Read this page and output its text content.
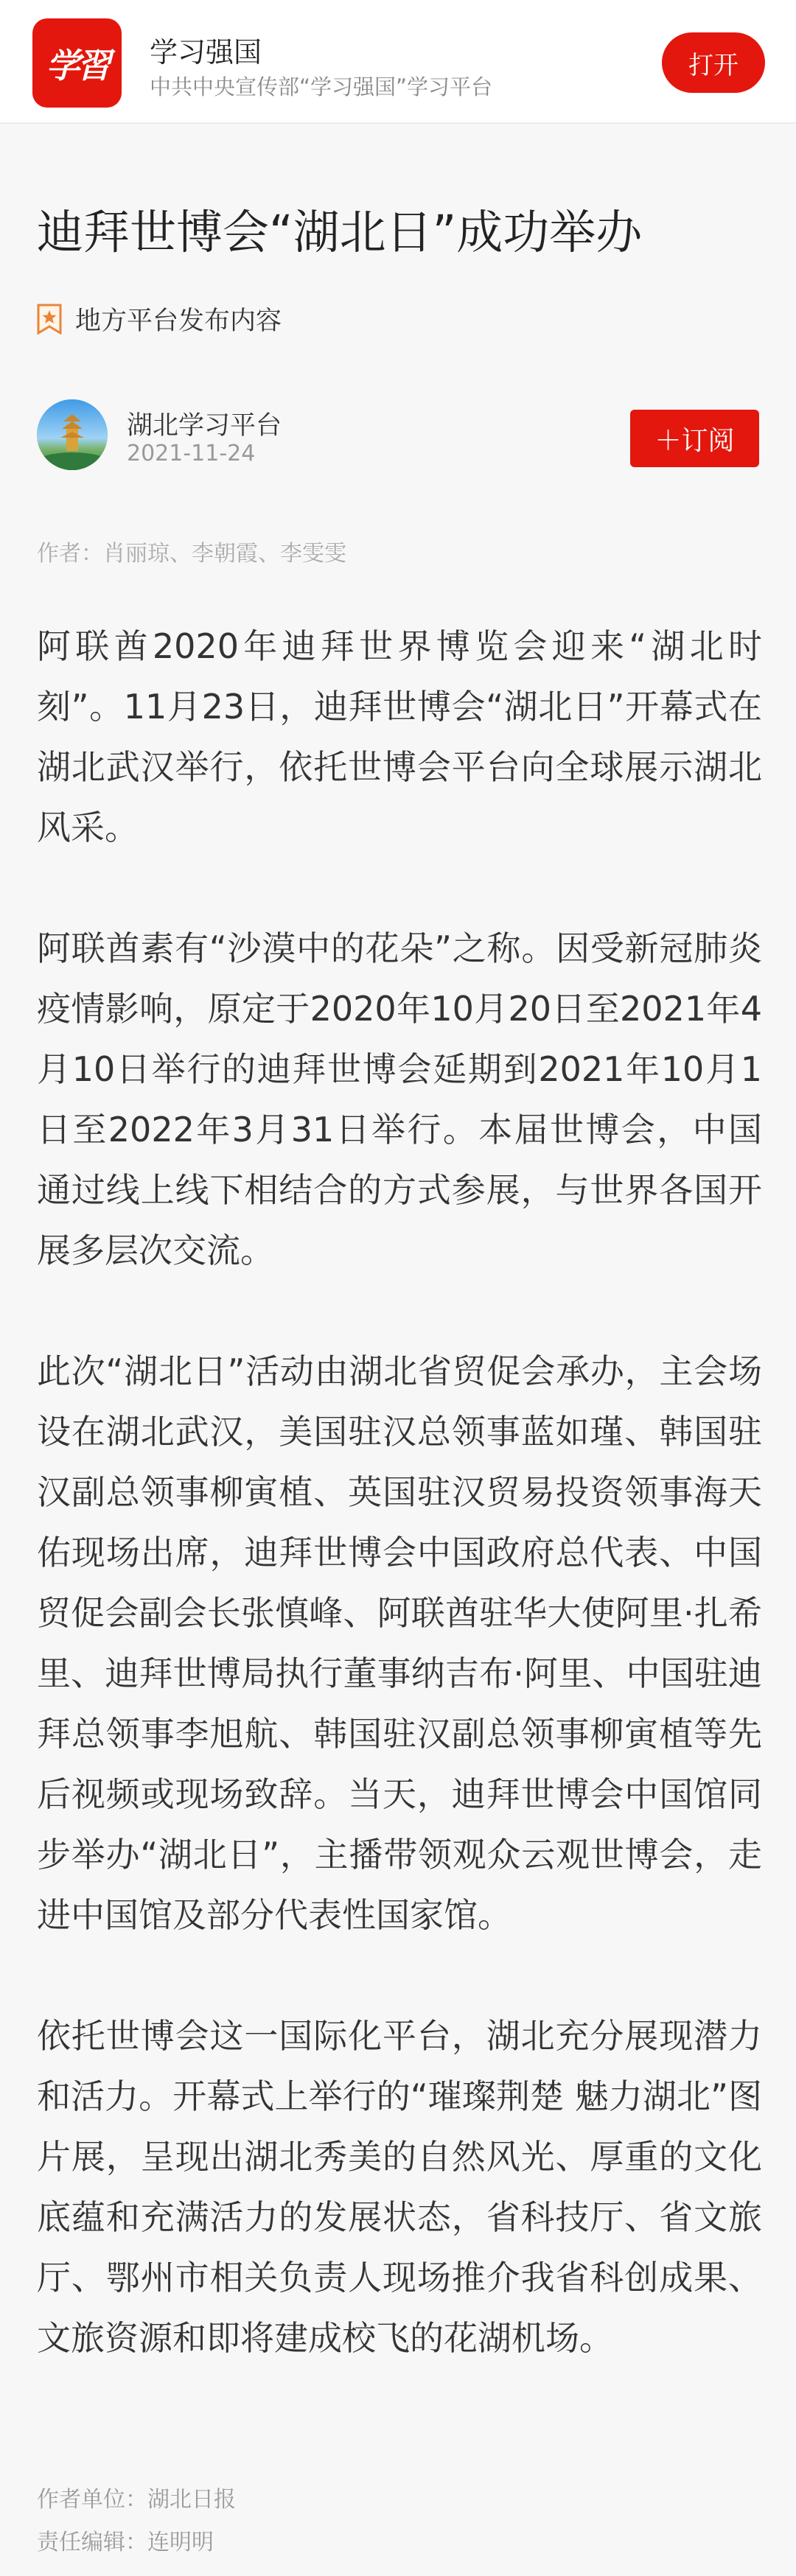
学習	学习强国
中共中央宣传部“学习强国”学习平台
打开
迪拜世博会“湖北日”成功举办
地方平台发布内容
湖北学习平台
2021-11-24	＋订阅
作者：肖丽琼、李朝霞、李雯雯

阿联酋2020年迪拜世界博览会迎来“湖北时刻”。11月23日，迪拜世博会“湖北日”开幕式在湖北武汉举行，依托世博会平台向全球展示湖北风采。

阿联酋素有“沙漠中的花朵”之称。因受新冠肺炎疫情影响，原定于2020年10月20日至2021年4月10日举行的迪拜世博会延期到2021年10月1日至2022年3月31日举行。本届世博会，中国通过线上线下相结合的方式参展，与世界各国开展多层次交流。

此次“湖北日”活动由湖北省贸促会承办，主会场设在湖北武汉，美国驻汉总领事蓝如瑾、韩国驻汉副总领事柳寅植、英国驻汉贸易投资领事海天佑现场出席，迪拜世博会中国政府总代表、中国贸促会副会长张慎峰、阿联酋驻华大使阿里·扎希里、迪拜世博局执行董事纳吉布·阿里、中国驻迪拜总领事李旭航、韩国驻汉副总领事柳寅植等先后视频或现场致辞。当天，迪拜世博会中国馆同步举办“湖北日”，主播带领观众云观世博会，走进中国馆及部分代表性国家馆。

依托世博会这一国际化平台，湖北充分展现潜力和活力。开幕式上举行的“璀璨荆楚 魅力湖北”图片展，呈现出湖北秀美的自然风光、厚重的文化底蕴和充满活力的发展状态，省科技厅、省文旅厅、鄂州市相关负责人现场推介我省科创成果、文旅资源和即将建成校飞的花湖机场。

作者单位：湖北日报
责任编辑：连明明
